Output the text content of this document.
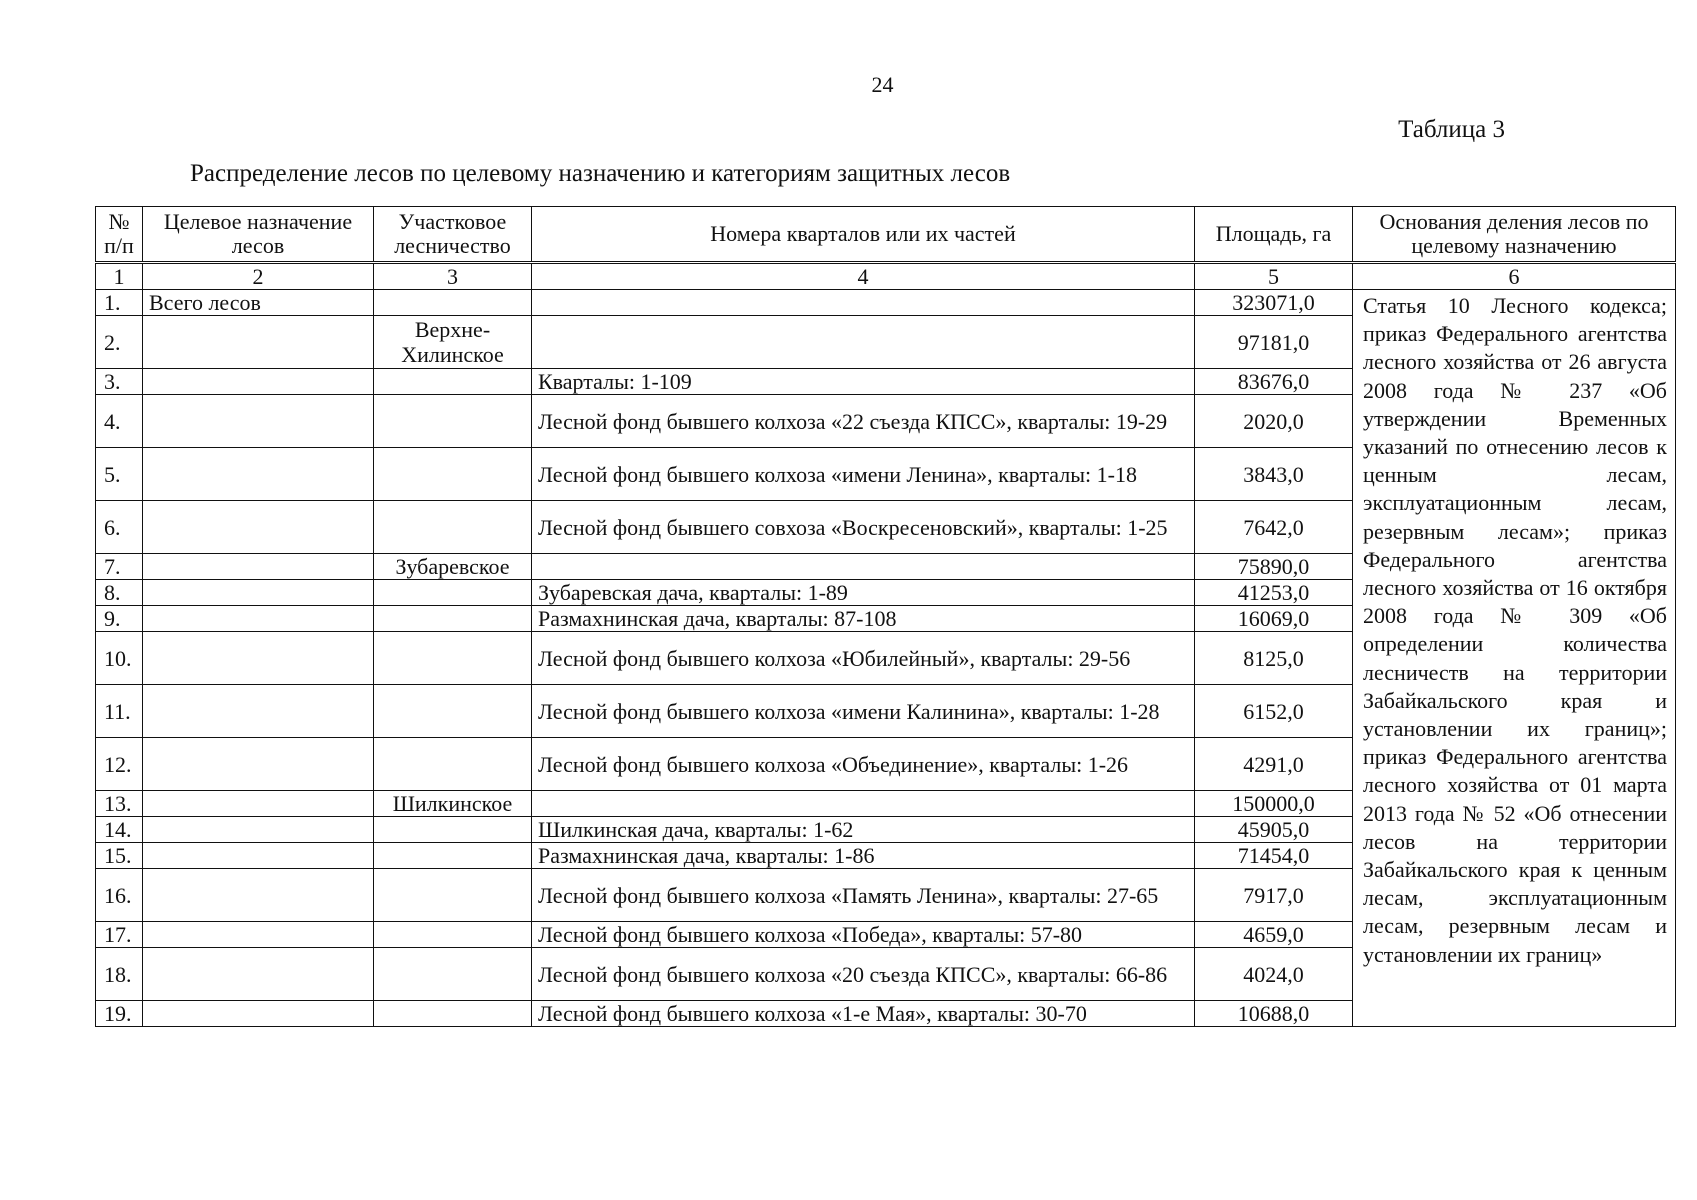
24
Таблица 3
Распределение лесов по целевому назначению и категориям защитных лесов
№ п/п	Целевое назначение лесов	Участковое лесничество	Номера кварталов или их частей	Площадь, га	Основания деления лесов по целевому назначению
1	2	3	4	5	6
1.	Всего лесов			323071,0	Статья 10 Лесного кодекса; приказ Федерального агентства лесного хозяйства от 26 августа 2008 года № 237 «Об утверждении Временных указаний по отнесению лесов к ценным лесам, эксплуатационным лесам, резервным лесам»; приказ Федерального агентства лесного хозяйства от 16 октября 2008 года № 309 «Об определении количества лесничеств на территории Забайкальского края и установлении их границ»; приказ Федерального агентства лесного хозяйства от 01 марта 2013 года № 52 «Об отнесении лесов на территории Забайкальского края к ценным лесам, эксплуатационным лесам, резервным лесам и установлении их границ»
2.		Верхне-Хилинское		97181,0	
3.			Кварталы: 1-109	83676,0	
4.			Лесной фонд бывшего колхоза «22 съезда КПСС», кварталы: 19-29	2020,0	
5.			Лесной фонд бывшего колхоза «имени Ленина», кварталы: 1-18	3843,0	
6.			Лесной фонд бывшего совхоза «Воскресеновский», кварталы: 1-25	7642,0	
7.		Зубаревское		75890,0	
8.			Зубаревская дача, кварталы: 1-89	41253,0	
9.			Размахнинская дача, кварталы: 87-108	16069,0	
10.			Лесной фонд бывшего колхоза «Юбилейный», кварталы: 29-56	8125,0	
11.			Лесной фонд бывшего колхоза «имени Калинина», кварталы: 1-28	6152,0	
12.			Лесной фонд бывшего колхоза «Объединение», кварталы: 1-26	4291,0	
13.		Шилкинское		150000,0	
14.			Шилкинская дача, кварталы: 1-62	45905,0	
15.			Размахнинская дача, кварталы: 1-86	71454,0	
16.			Лесной фонд бывшего колхоза «Память Ленина», кварталы: 27-65	7917,0	
17.			Лесной фонд бывшего колхоза «Победа», кварталы: 57-80	4659,0	
18.			Лесной фонд бывшего колхоза «20 съезда КПСС», кварталы: 66-86	4024,0	
19.			Лесной фонд бывшего колхоза «1-е Мая», кварталы: 30-70	10688,0	
